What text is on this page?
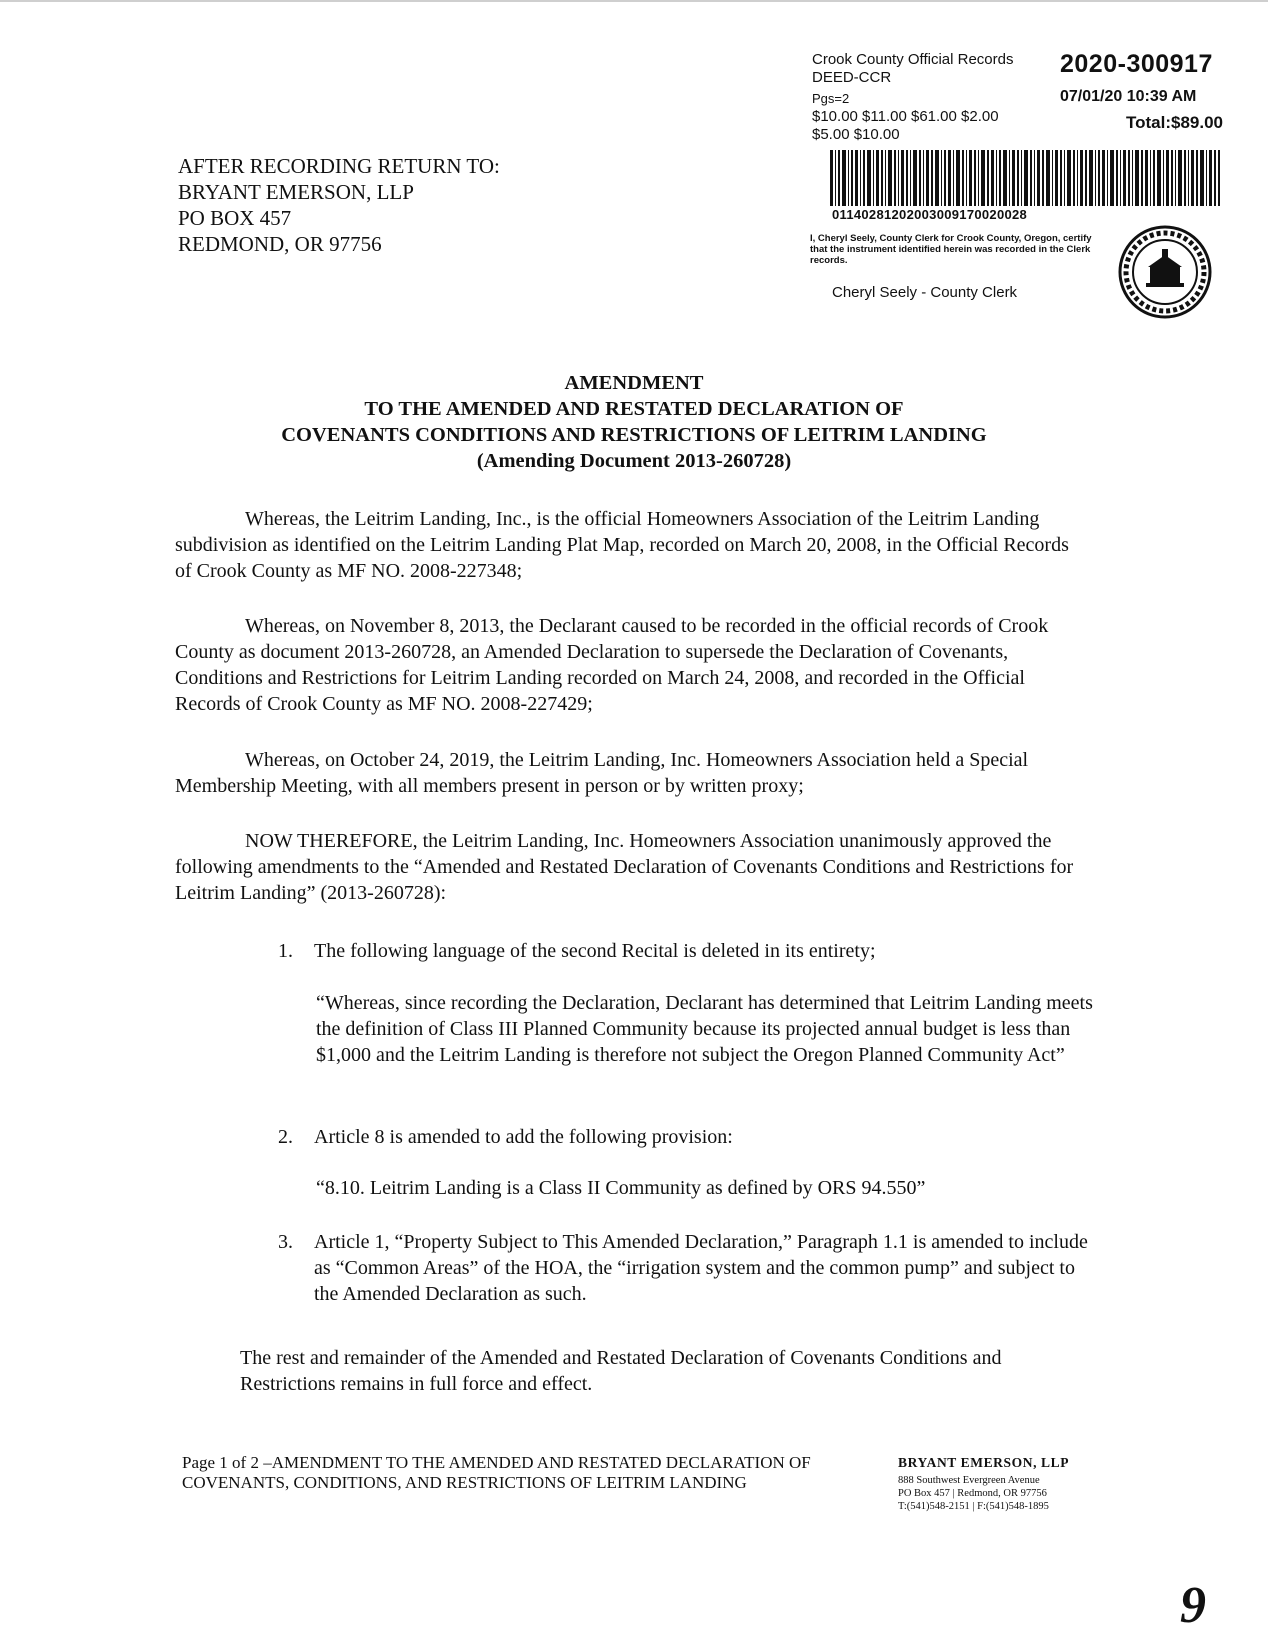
Crook County Official Records
DEED-CCR
Pgs=2
$10.00 $11.00 $61.00 $2.00
$5.00 $10.00
2020-300917
07/01/20 10:39 AM
Total:$89.00
01140281202003009170020028
I, Cheryl Seely, County Clerk for Crook County, Oregon, certify that the instrument identified herein was recorded in the Clerk records.
Cheryl Seely - County Clerk
AFTER RECORDING RETURN TO:
BRYANT EMERSON, LLP
PO BOX 457
REDMOND, OR 97756
AMENDMENT
TO THE AMENDED AND RESTATED DECLARATION OF
COVENANTS CONDITIONS AND RESTRICTIONS OF LEITRIM LANDING
(Amending Document 2013-260728)
Whereas, the Leitrim Landing, Inc., is the official Homeowners Association of the Leitrim Landing subdivision as identified on the Leitrim Landing Plat Map, recorded on March 20, 2008, in the Official Records of Crook County as MF NO. 2008-227348;
Whereas, on November 8, 2013, the Declarant caused to be recorded in the official records of Crook County as document 2013-260728, an Amended Declaration to supersede the Declaration of Covenants, Conditions and Restrictions for Leitrim Landing recorded on March 24, 2008, and recorded in the Official Records of Crook County as MF NO. 2008-227429;
Whereas, on October 24, 2019, the Leitrim Landing, Inc. Homeowners Association held a Special Membership Meeting, with all members present in person or by written proxy;
NOW THEREFORE, the Leitrim Landing, Inc. Homeowners Association unanimously approved the following amendments to the “Amended and Restated Declaration of Covenants Conditions and Restrictions for Leitrim Landing” (2013-260728):
1. The following language of the second Recital is deleted in its entirety;
“Whereas, since recording the Declaration, Declarant has determined that Leitrim Landing meets the definition of Class III Planned Community because its projected annual budget is less than $1,000 and the Leitrim Landing is therefore not subject the Oregon Planned Community Act”
2. Article 8 is amended to add the following provision:
“8.10. Leitrim Landing is a Class II Community as defined by ORS 94.550”
3. Article 1, “Property Subject to This Amended Declaration,” Paragraph 1.1 is amended to include as “Common Areas” of the HOA, the “irrigation system and the common pump” and subject to the Amended Declaration as such.
The rest and remainder of the Amended and Restated Declaration of Covenants Conditions and Restrictions remains in full force and effect.
Page 1 of 2 –AMENDMENT TO THE AMENDED AND RESTATED DECLARATION OF COVENANTS, CONDITIONS, AND RESTRICTIONS OF LEITRIM LANDING
BRYANT EMERSON, LLP
888 Southwest Evergreen Avenue
PO Box 457 | Redmond, OR 97756
T:(541)548-2151 | F:(541)548-1895
9
